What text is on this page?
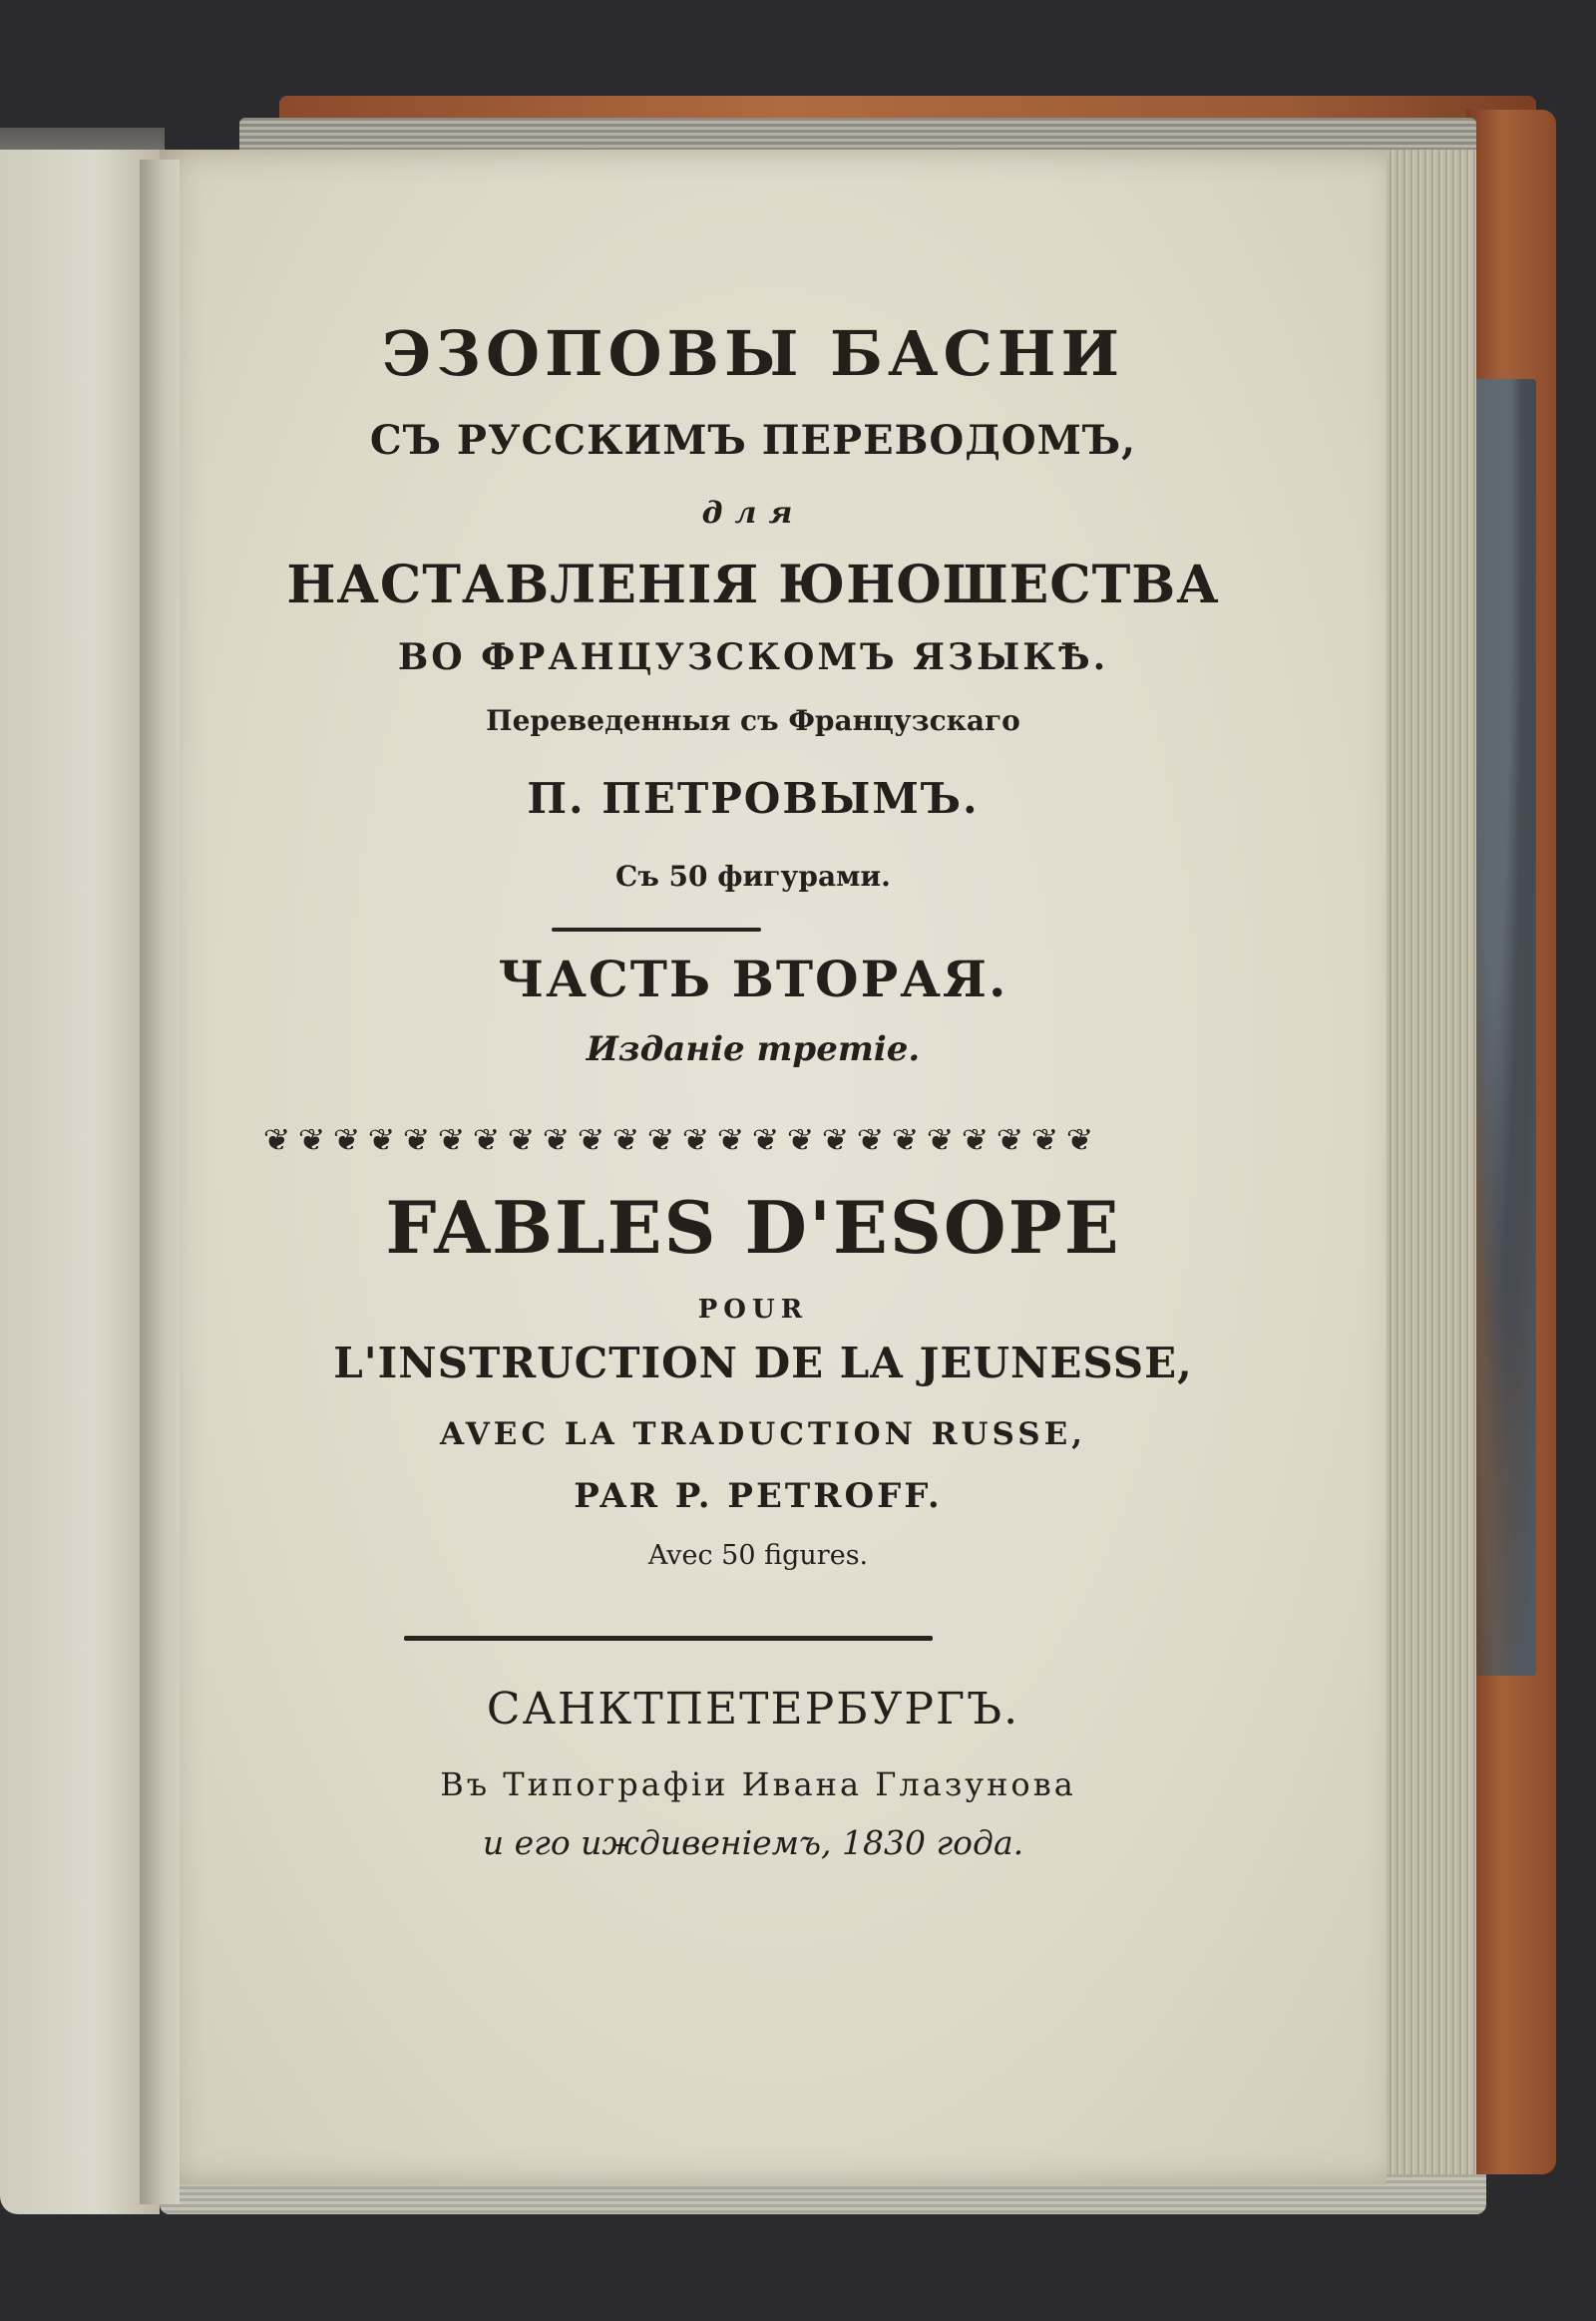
ЭЗОПОВЫ БАСНИ
СЪ РУССКИМЪ ПЕРЕВОДОМЪ,
для
НАСТАВЛЕНІЯ ЮНОШЕСТВА
ВО ФРАНЦУЗСКОМЪ ЯЗЫКѢ.
Переведенныя съ Французскаго
П. ПЕТРОВЫМЪ.
Съ 50 фигурами.
ЧАСТЬ ВТОРАЯ.
Изданіе третіе.
❦ ❦ ❦ ❦ ❦ ❦ ❦ ❦ ❦ ❦ ❦ ❦ ❦ ❦ ❦ ❦ ❦ ❦ ❦ ❦ ❦ ❦ ❦ ❦
FABLES D'ESOPE
POUR
L'INSTRUCTION DE LA JEUNESSE,
AVEC LA TRADUCTION RUSSE,
PAR P. PETROFF.
Avec 50 figures.
САНКТПЕТЕРБУРГЪ.
Въ Типографіи Ивана Глазунова
и его иждивеніемъ, 1830 года.
